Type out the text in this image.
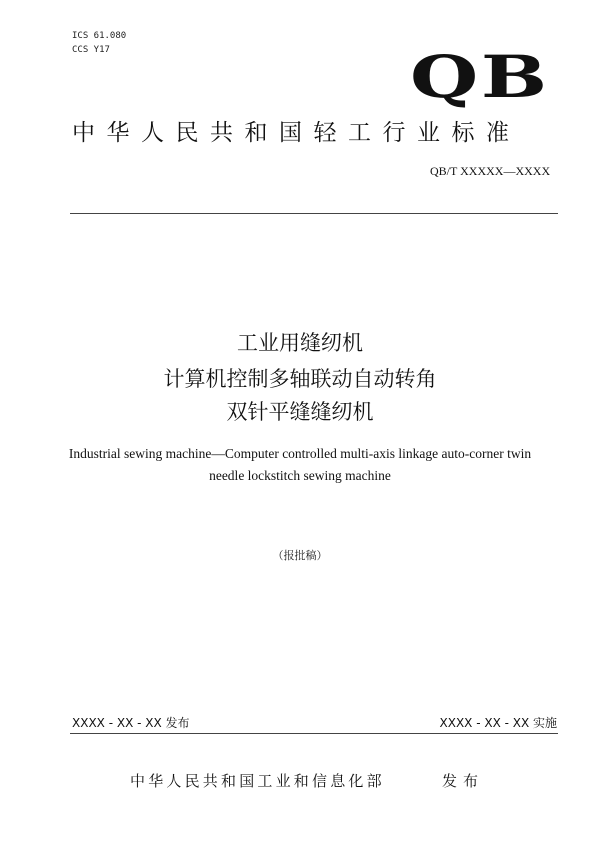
ICS 61.080
CCS Y17	QB
中华人民共和国轻工行业标准
QB/T XXXXX—XXXX
工业用缝纫机
计算机控制多轴联动自动转角
双针平缝缝纫机
Industrial sewing machine—Computer controlled multi-axis linkage auto-corner twin
needle lockstitch sewing machine
（报批稿）
XXXX - XX - XX 发布	XXXX - XX - XX 实施
中华人民共和国工业和信息化部	发布
